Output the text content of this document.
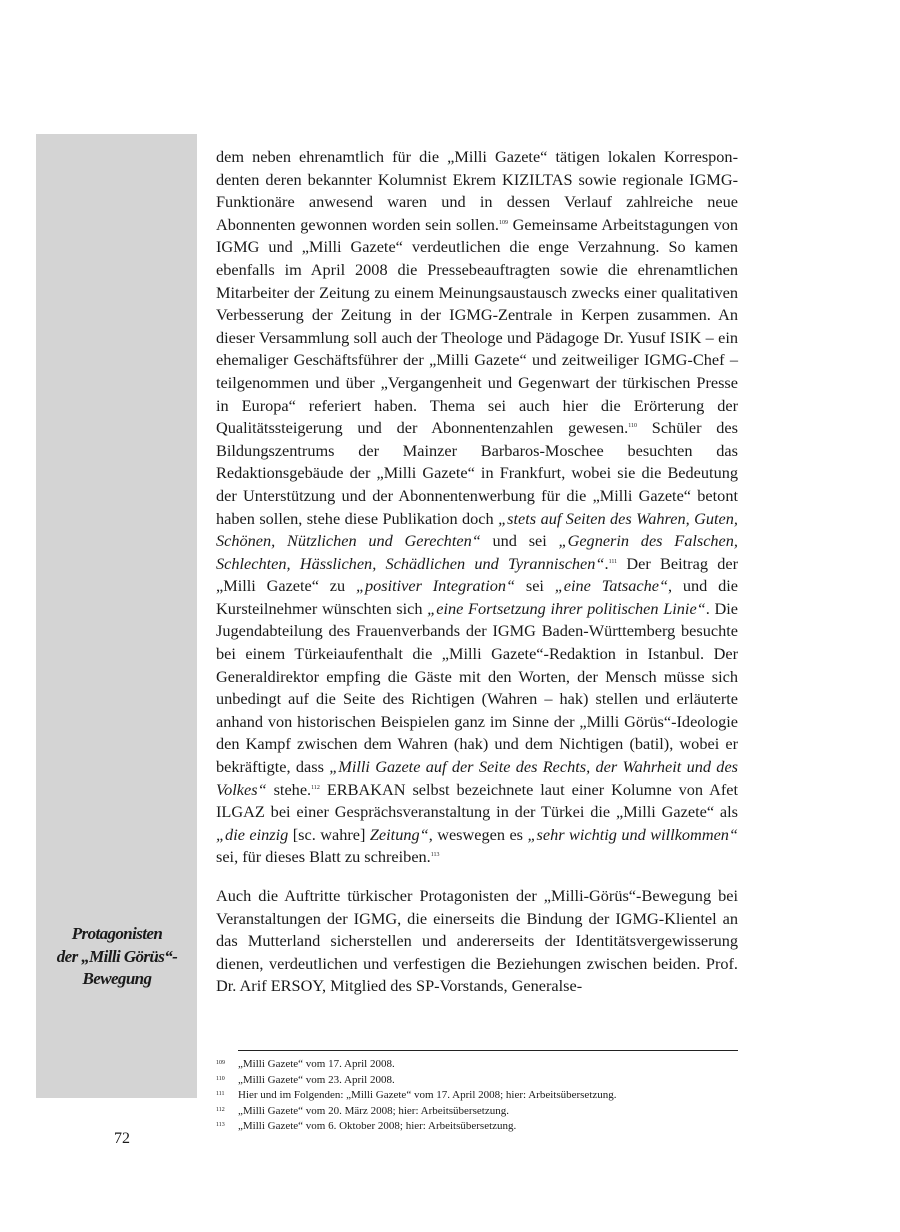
Protagonisten
der „Milli Görüs“-
Bewegung

dem neben ehrenamtlich für die „Milli Gazete“ tätigen lokalen Korrespondenten deren bekannter Kolumnist Ekrem KIZILTAS sowie regionale IGMG-Funktionäre anwesend waren und in dessen Verlauf zahlreiche neue Abonnenten gewonnen worden sein sollen.$^{109}$ Gemeinsame Arbeitstagungen von IGMG und „Milli Gazete“ verdeutlichen die enge Verzahnung. So kamen ebenfalls im April 2008 die Pressebeauftragten sowie die ehrenamtlichen Mitarbeiter der Zeitung zu einem Meinungsaustausch zwecks einer qualitativen Verbesserung der Zeitung in der IGMG-Zentrale in Kerpen zusammen. An dieser Versammlung soll auch der Theologe und Pädagoge Dr. Yusuf ISIK – ein ehemaliger Geschäftsführer der „Milli Gazete“ und zeitweiliger IGMG-Chef – teilgenommen und über „Vergangenheit und Gegenwart der türkischen Presse in Europa“ referiert haben. Thema sei auch hier die Erörterung der Qualitätssteigerung und der Abonnentenzahlen gewesen.$^{110}$ Schüler des Bildungszentrums der Mainzer Barbaros-Moschee besuchten das Redaktionsgebäude der „Milli Gazete“ in Frankfurt, wobei sie die Bedeutung der Unterstützung und der Abonnentenwerbung für die „Milli Gazete“ betont haben sollen, stehe diese Publikation doch „stets auf Seiten des Wahren, Guten, Schönen, Nützlichen und Gerechten“ und sei „Gegnerin des Falschen, Schlechten, Hässlichen, Schädlichen und Tyrannischen“.$^{111}$ Der Beitrag der „Milli Gazete“ zu „positiver Integration“ sei „eine Tatsache“, und die Kursteilnehmer wünschten sich „eine Fortsetzung ihrer politischen Linie“. Die Jugendabteilung des Frauenverbands der IGMG Baden-Württemberg besuchte bei einem Türkeiaufenthalt die „Milli Gazete“-Redaktion in Istanbul. Der Generaldirektor empfing die Gäste mit den Worten, der Mensch müsse sich unbedingt auf die Seite des Richtigen (Wahren – hak) stellen und erläuterte anhand von historischen Beispielen ganz im Sinne der „Milli Görüs“-Ideologie den Kampf zwischen dem Wahren (hak) und dem Nichtigen (batil), wobei er bekräftigte, dass „Milli Gazete auf der Seite des Rechts, der Wahrheit und des Volkes“ stehe.$^{112}$ ERBAKAN selbst bezeichnete laut einer Kolumne von Afet ILGAZ bei einer Gesprächsveranstaltung in der Türkei die „Milli Gazete“ als „die einzig [sc. wahre] Zeitung“, weswegen es „sehr wichtig und willkommen“ sei, für dieses Blatt zu schreiben.$^{113}$

Auch die Auftritte türkischer Protagonisten der „Milli-Görüs“-Bewegung bei Veranstaltungen der IGMG, die einerseits die Bindung der IGMG-Klientel an das Mutterland sicherstellen und andererseits der Identitätsvergewisserung dienen, verdeutlichen und verfestigen die Beziehungen zwischen beiden. Prof. Dr. Arif ERSOY, Mitglied des SP-Vorstands, Generalse-

109	„Milli Gazete“ vom 17. April 2008.
110	„Milli Gazete“ vom 23. April 2008.
111	Hier und im Folgenden: „Milli Gazete“ vom 17. April 2008; hier: Arbeitsübersetzung.
112	„Milli Gazete“ vom 20. März 2008; hier: Arbeitsübersetzung.
113	„Milli Gazete“ vom 6. Oktober 2008; hier: Arbeitsübersetzung.
72
